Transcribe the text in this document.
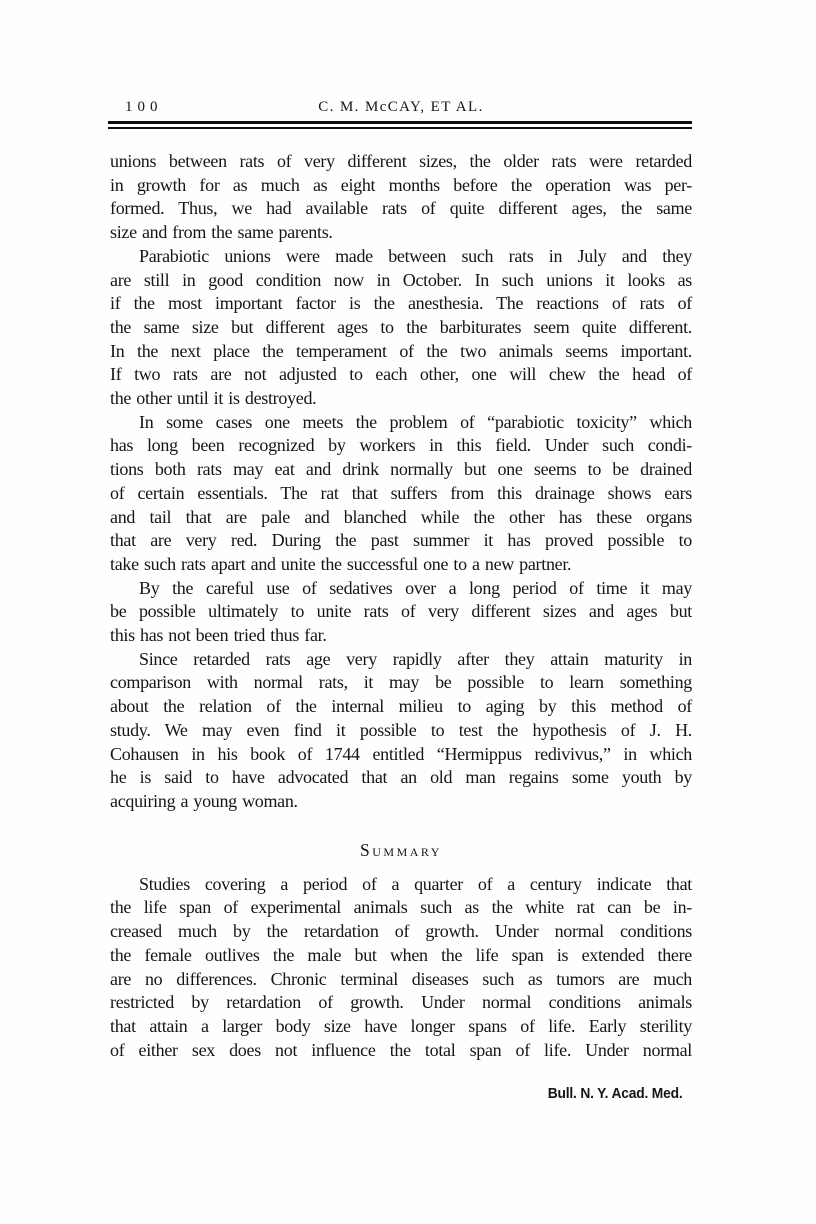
100	C. M. McCAY, ET AL.
unions between rats of very different sizes, the older rats were retarded
in growth for as much as eight months before the operation was per-
formed. Thus, we had available rats of quite different ages, the same
size and from the same parents.
Parabiotic unions were made between such rats in July and they
are still in good condition now in October. In such unions it looks as
if the most important factor is the anesthesia. The reactions of rats of
the same size but different ages to the barbiturates seem quite different.
In the next place the temperament of the two animals seems important.
If two rats are not adjusted to each other, one will chew the head of
the other until it is destroyed.
In some cases one meets the problem of “parabiotic toxicity” which
has long been recognized by workers in this field. Under such condi-
tions both rats may eat and drink normally but one seems to be drained
of certain essentials. The rat that suffers from this drainage shows ears
and tail that are pale and blanched while the other has these organs
that are very red. During the past summer it has proved possible to
take such rats apart and unite the successful one to a new partner.
By the careful use of sedatives over a long period of time it may
be possible ultimately to unite rats of very different sizes and ages but
this has not been tried thus far.
Since retarded rats age very rapidly after they attain maturity in
comparison with normal rats, it may be possible to learn something
about the relation of the internal milieu to aging by this method of
study. We may even find it possible to test the hypothesis of J. H.
Cohausen in his book of 1744 entitled “Hermippus redivivus,” in which
he is said to have advocated that an old man regains some youth by
acquiring a young woman.
Summary
Studies covering a period of a quarter of a century indicate that
the life span of experimental animals such as the white rat can be in-
creased much by the retardation of growth. Under normal conditions
the female outlives the male but when the life span is extended there
are no differences. Chronic terminal diseases such as tumors are much
restricted by retardation of growth. Under normal conditions animals
that attain a larger body size have longer spans of life. Early sterility
of either sex does not influence the total span of life. Under normal
Bull. N. Y. Acad. Med.
